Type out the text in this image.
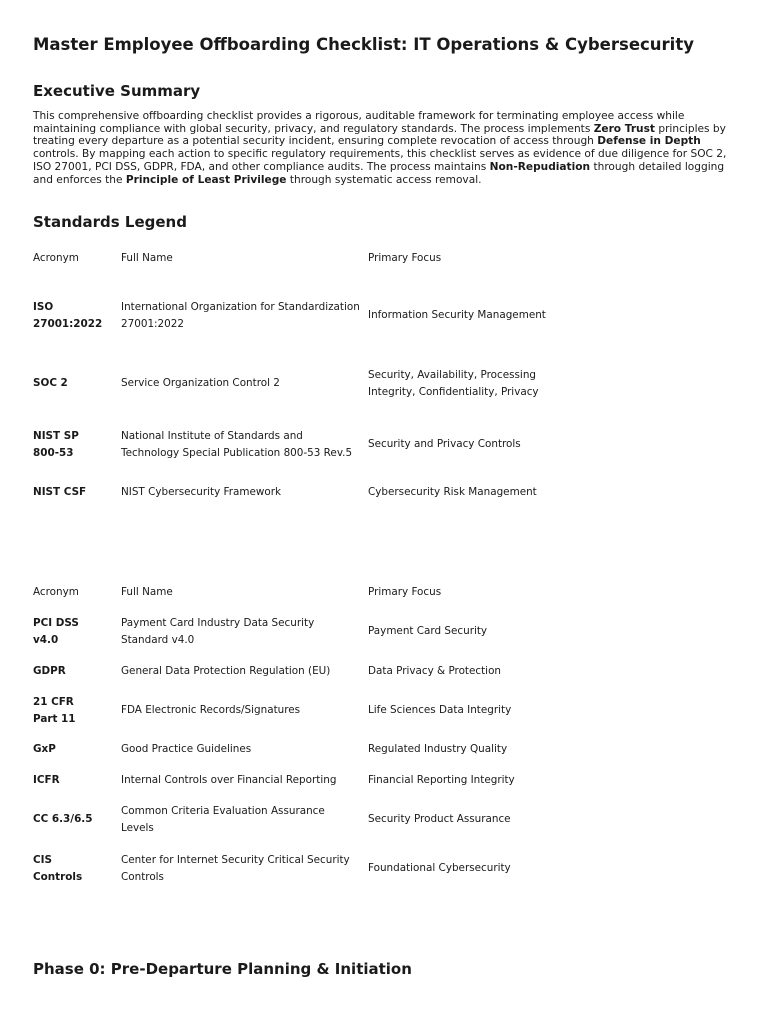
Master Employee Offboarding Checklist: IT Operations & Cybersecurity
Executive Summary

This comprehensive offboarding checklist provides a rigorous, auditable framework for terminating employee access while maintaining compliance with global security, privacy, and regulatory standards. The process implements Zero Trust principles by treating every departure as a potential security incident, ensuring complete revocation of access through Defense in Depth controls. By mapping each action to specific regulatory requirements, this checklist serves as evidence of due diligence for SOC 2, ISO 27001, PCI DSS, GDPR, FDA, and other compliance audits. The process maintains Non-Repudiation through detailed logging and enforces the Principle of Least Privilege through systematic access removal.

Standards Legend
Acronym	Full Name	Primary Focus
ISO 27001:2022	International Organization for Standardization 27001:2022	Information Security Management
SOC 2	Service Organization Control 2	Security, Availability, Processing Integrity, Confidentiality, Privacy
NIST SP 800-53	National Institute of Standards and Technology Special Publication 800-53 Rev.5	Security and Privacy Controls
NIST CSF	NIST Cybersecurity Framework	Cybersecurity Risk Management
Acronym	Full Name	Primary Focus
PCI DSS v4.0	Payment Card Industry Data Security Standard v4.0	Payment Card Security
GDPR	General Data Protection Regulation (EU)	Data Privacy & Protection
21 CFR Part 11	FDA Electronic Records/Signatures	Life Sciences Data Integrity
GxP	Good Practice Guidelines	Regulated Industry Quality
ICFR	Internal Controls over Financial Reporting	Financial Reporting Integrity
CC 6.3/6.5	Common Criteria Evaluation Assurance Levels	Security Product Assurance
CIS Controls	Center for Internet Security Critical Security Controls	Foundational Cybersecurity
Phase 0: Pre-Departure Planning & Initiation
